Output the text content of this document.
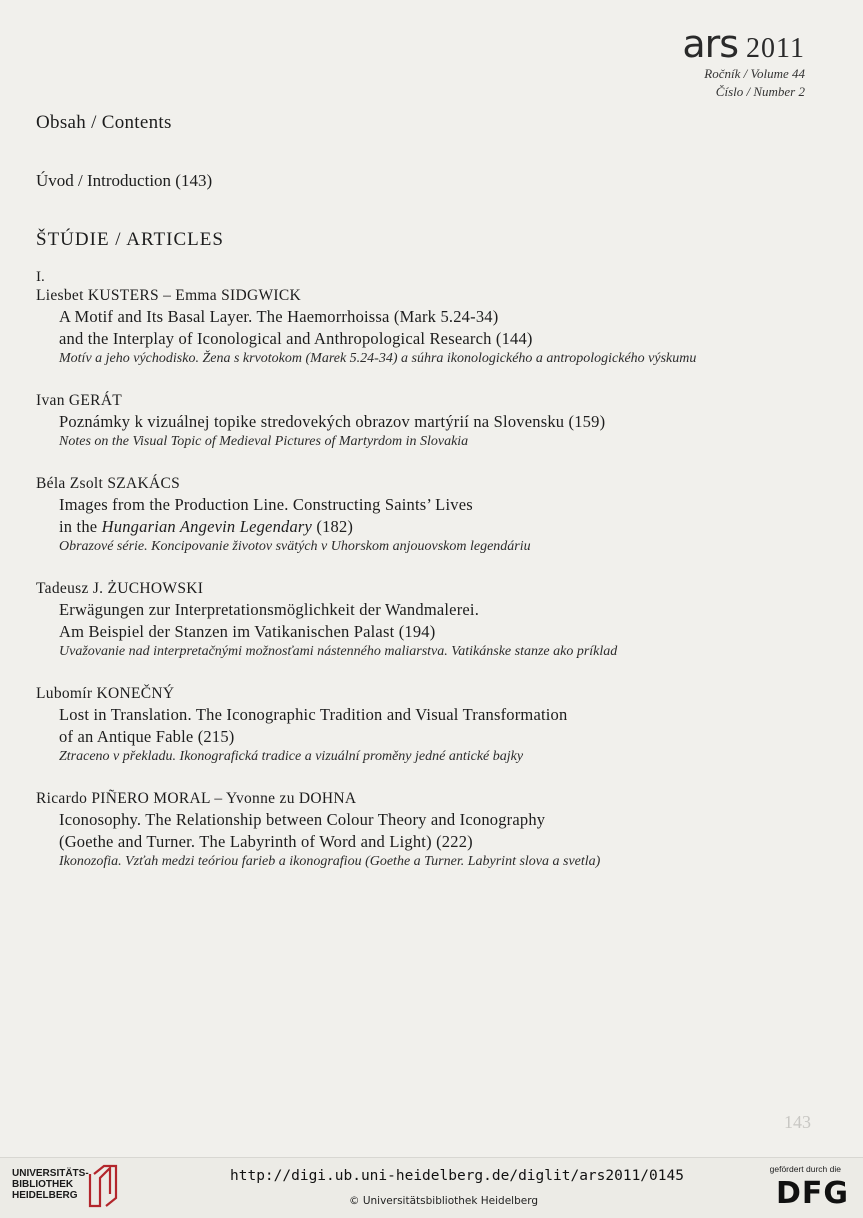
ars 2011
Ročník / Volume 44
Číslo / Number 2
Obsah / Contents
Úvod / Introduction (143)
ŠTÚDIE / ARTICLES
I.
Liesbet KUSTERS – Emma SIDGWICK
A Motif and Its Basal Layer. The Haemorrhoissa (Mark 5.24-34)
and the Interplay of Iconological and Anthropological Research (144)
Motív a jeho východisko. Žena s krvotokom (Marek 5.24-34) a súhra ikonologického a antropologického výskumu
Ivan GERÁT
Poznámky k vizuálnej topike stredovekých obrazov martýrií na Slovensku (159)
Notes on the Visual Topic of Medieval Pictures of Martyrdom in Slovakia
Béla Zsolt SZAKÁCS
Images from the Production Line. Constructing Saints’ Lives
in the Hungarian Angevin Legendary (182)
Obrazové série. Koncipovanie životov svätých v Uhorskom anjouovskom legendáriu
Tadeusz J. ŻUCHOWSKI
Erwägungen zur Interpretationsmöglichkeit der Wandmalerei.
Am Beispiel der Stanzen im Vatikanischen Palast (194)
Uvažovanie nad interpretačnými možnosťami nástenného maliarstva. Vatikánske stanze ako príklad
Lubomír KONEČNÝ
Lost in Translation. The Iconographic Tradition and Visual Transformation
of an Antique Fable (215)
Ztraceno v překladu. Ikonografická tradice a vizuální proměny jedné antické bajky
Ricardo PIÑERO MORAL – Yvonne zu DOHNA
Iconosophy. The Relationship between Colour Theory and Iconography
(Goethe and Turner. The Labyrinth of Word and Light) (222)
Ikonozofia. Vzťah medzi teóriou farieb a ikonografiou (Goethe a Turner. Labyrint slova a svetla)
143
UNIVERSITÄTS-
BIBLIOTHEK
HEIDELBERG
http://digi.ub.uni-heidelberg.de/diglit/ars2011/0145
© Universitätsbibliothek Heidelberg
gefördert durch die
DFG
